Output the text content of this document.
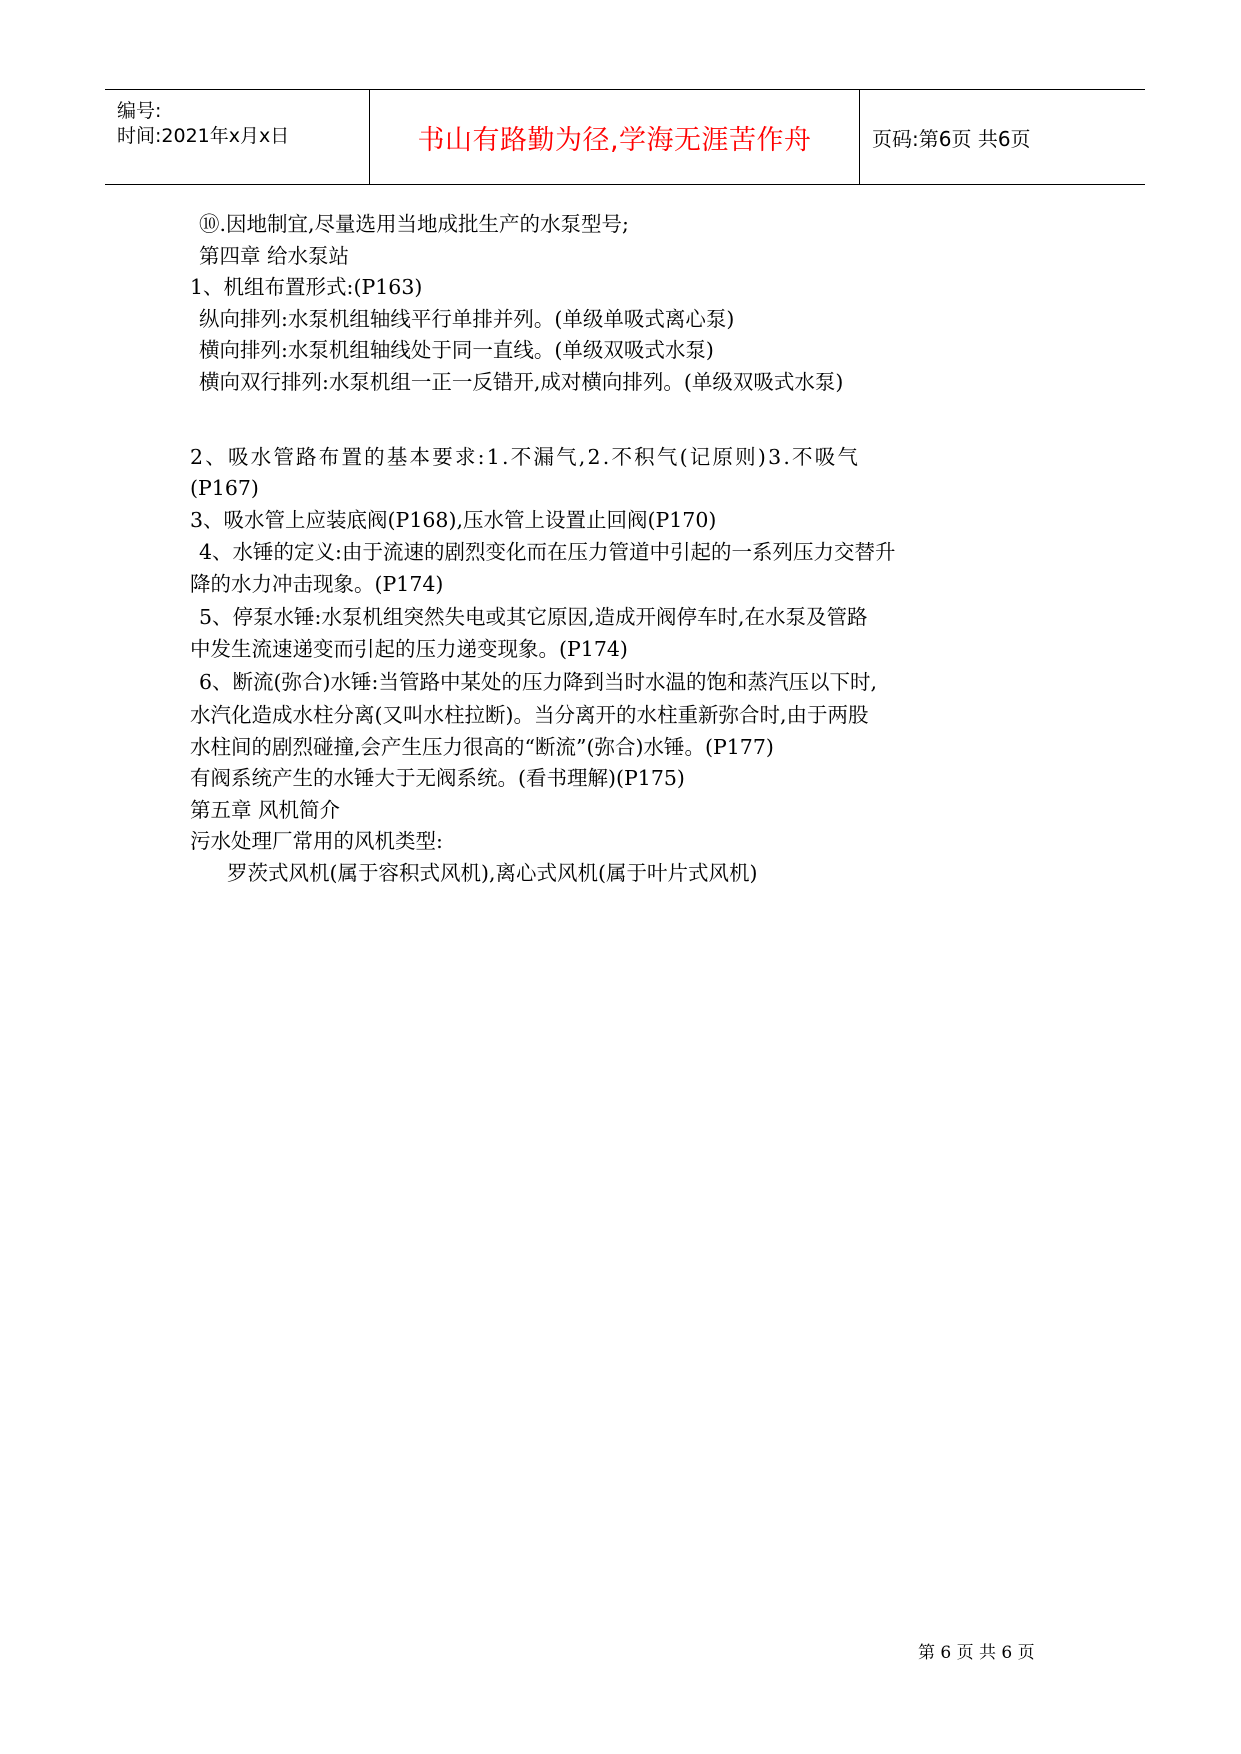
编号:
时间:2021年x月x日	书山有路勤为径,学海无涯苦作舟	页码:第6页 共6页
⑩.因地制宜,尽量选用当地成批生产的水泵型号;
第四章 给水泵站
1、机组布置形式:(P163)
纵向排列:水泵机组轴线平行单排并列。(单级单吸式离心泵)
横向排列:水泵机组轴线处于同一直线。(单级双吸式水泵)
横向双行排列:水泵机组一正一反错开,成对横向排列。(单级双吸式水泵)
2、吸水管路布置的基本要求:1.不漏气,2.不积气(记原则)3.不吸气
(P167)
3、吸水管上应装底阀(P168),压水管上设置止回阀(P170)
4、水锤的定义:由于流速的剧烈变化而在压力管道中引起的一系列压力交替升
降的水力冲击现象。(P174)
5、停泵水锤:水泵机组突然失电或其它原因,造成开阀停车时,在水泵及管路
中发生流速递变而引起的压力递变现象。(P174)
6、断流(弥合)水锤:当管路中某处的压力降到当时水温的饱和蒸汽压以下时,
水汽化造成水柱分离(又叫水柱拉断)。当分离开的水柱重新弥合时,由于两股
水柱间的剧烈碰撞,会产生压力很高的“断流”(弥合)水锤。(P177)
有阀系统产生的水锤大于无阀系统。(看书理解)(P175)
第五章 风机简介
污水处理厂常用的风机类型:
罗茨式风机(属于容积式风机),离心式风机(属于叶片式风机)
第 6 页 共 6 页
